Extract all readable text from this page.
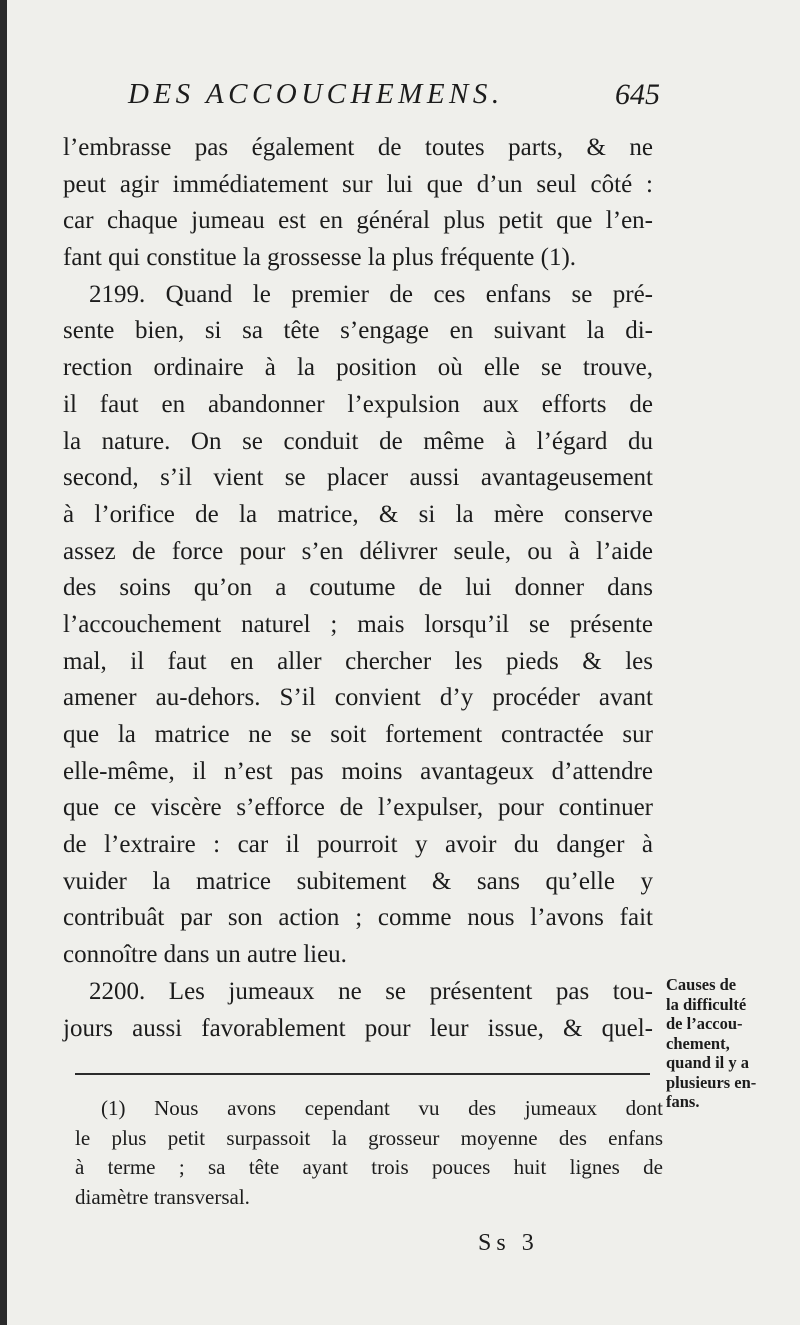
DES ACCOUCHEMENS.	645
l’embrasse pas également de toutes parts, & ne
peut agir immédiatement sur lui que d’un seul côté :
car chaque jumeau est en général plus petit que l’en-
fant qui constitue la grossesse la plus fréquente (1).
2199. Quand le premier de ces enfans se pré-
sente bien, si sa tête s’engage en suivant la di-
rection ordinaire à la position où elle se trouve,
il faut en abandonner l’expulsion aux efforts de
la nature. On se conduit de même à l’égard du
second, s’il vient se placer aussi avantageusement
à l’orifice de la matrice, & si la mère conserve
assez de force pour s’en délivrer seule, ou à l’aide
des soins qu’on a coutume de lui donner dans
l’accouchement naturel ; mais lorsqu’il se présente
mal, il faut en aller chercher les pieds & les
amener au-dehors. S’il convient d’y procéder avant
que la matrice ne se soit fortement contractée sur
elle-même, il n’est pas moins avantageux d’attendre
que ce viscère s’efforce de l’expulser, pour continuer
de l’extraire : car il pourroit y avoir du danger à
vuider la matrice subitement & sans qu’elle y
contribuât par son action ; comme nous l’avons fait
connoître dans un autre lieu.
2200. Les jumeaux ne se présentent pas tou-
jours aussi favorablement pour leur issue, & quel-
Causes de
la difficulté
de l’accou-
chement,
quand il y a
plusieurs en-
fans.
(1) Nous avons cependant vu des jumeaux dont
le plus petit surpassoit la grosseur moyenne des enfans
à terme ; sa tête ayant trois pouces huit lignes de
diamètre transversal.
Ss 3
